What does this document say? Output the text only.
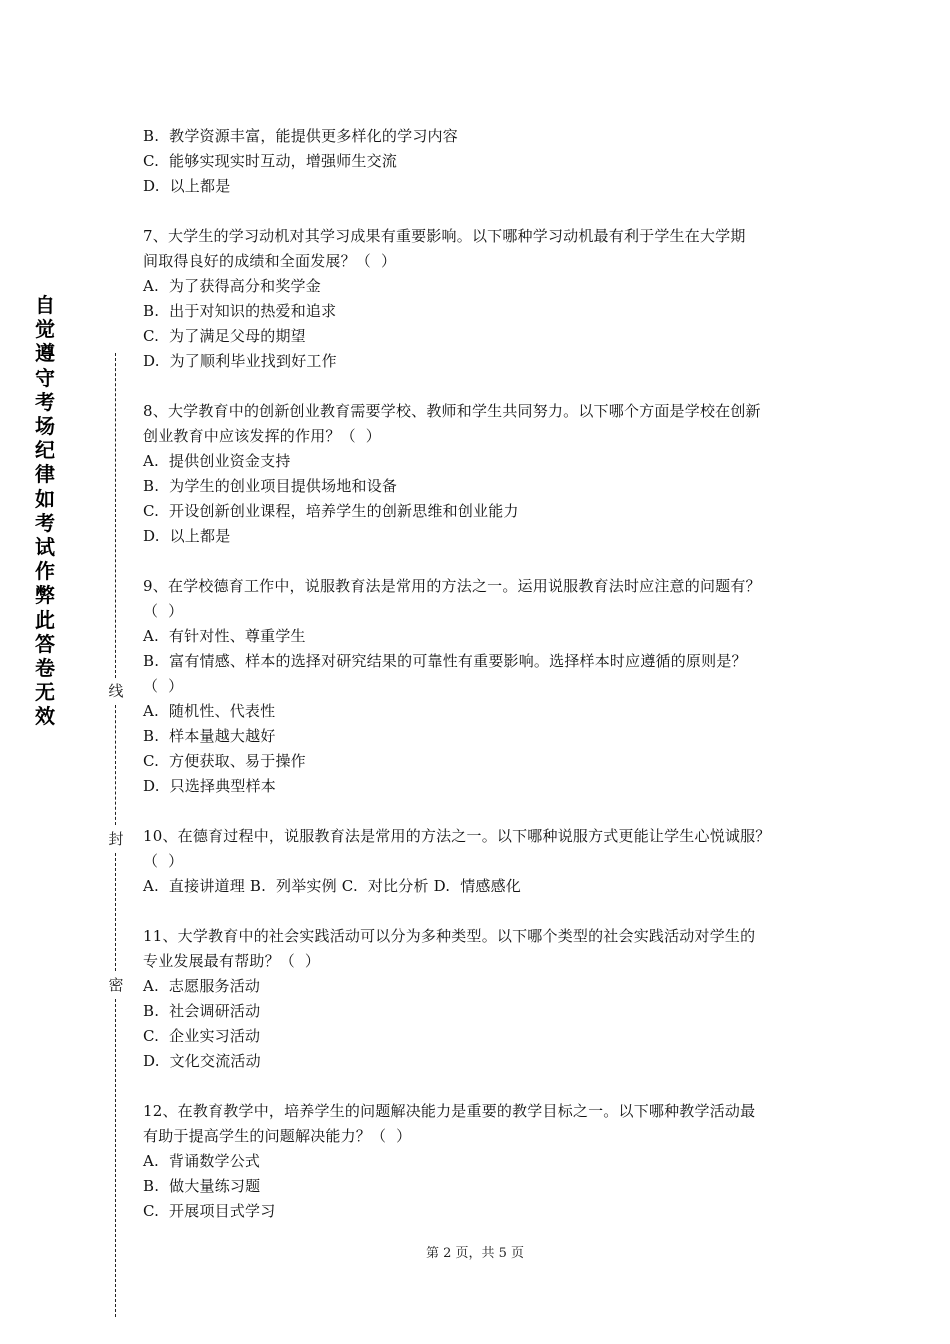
自
觉
遵
守
考
场
纪
律
如
考
试
作
弊
此
答
卷
无
效
线
封
密
B.  教学资源丰富，能提供更多样化的学习内容
C.  能够实现实时互动，增强师生交流
D.  以上都是
7、大学生的学习动机对其学习成果有重要影响。以下哪种学习动机最有利于学生在大学期
间取得良好的成绩和全面发展？（  ）
A.  为了获得高分和奖学金
B.  出于对知识的热爱和追求
C.  为了满足父母的期望
D.  为了顺利毕业找到好工作
8、大学教育中的创新创业教育需要学校、教师和学生共同努力。以下哪个方面是学校在创新
创业教育中应该发挥的作用？（  ）
A.  提供创业资金支持
B.  为学生的创业项目提供场地和设备
C.  开设创新创业课程，培养学生的创新思维和创业能力
D.  以上都是
9、在学校德育工作中，说服教育法是常用的方法之一。运用说服教育法时应注意的问题有？
（  ）
A.  有针对性、尊重学生
B.  富有情感、样本的选择对研究结果的可靠性有重要影响。选择样本时应遵循的原则是？
（  ）
A.  随机性、代表性
B.  样本量越大越好
C.  方便获取、易于操作
D.  只选择典型样本
10、在德育过程中，说服教育法是常用的方法之一。以下哪种说服方式更能让学生心悦诚服？
（  ）
A.  直接讲道理 B.  列举实例 C.  对比分析 D.  情感感化
11、大学教育中的社会实践活动可以分为多种类型。以下哪个类型的社会实践活动对学生的
专业发展最有帮助？（  ）
A.  志愿服务活动
B.  社会调研活动
C.  企业实习活动
D.  文化交流活动
12、在教育教学中，培养学生的问题解决能力是重要的教学目标之一。以下哪种教学活动最
有助于提高学生的问题解决能力？（  ）
A.  背诵数学公式
B.  做大量练习题
C.  开展项目式学习
第 2 页，共 5 页
